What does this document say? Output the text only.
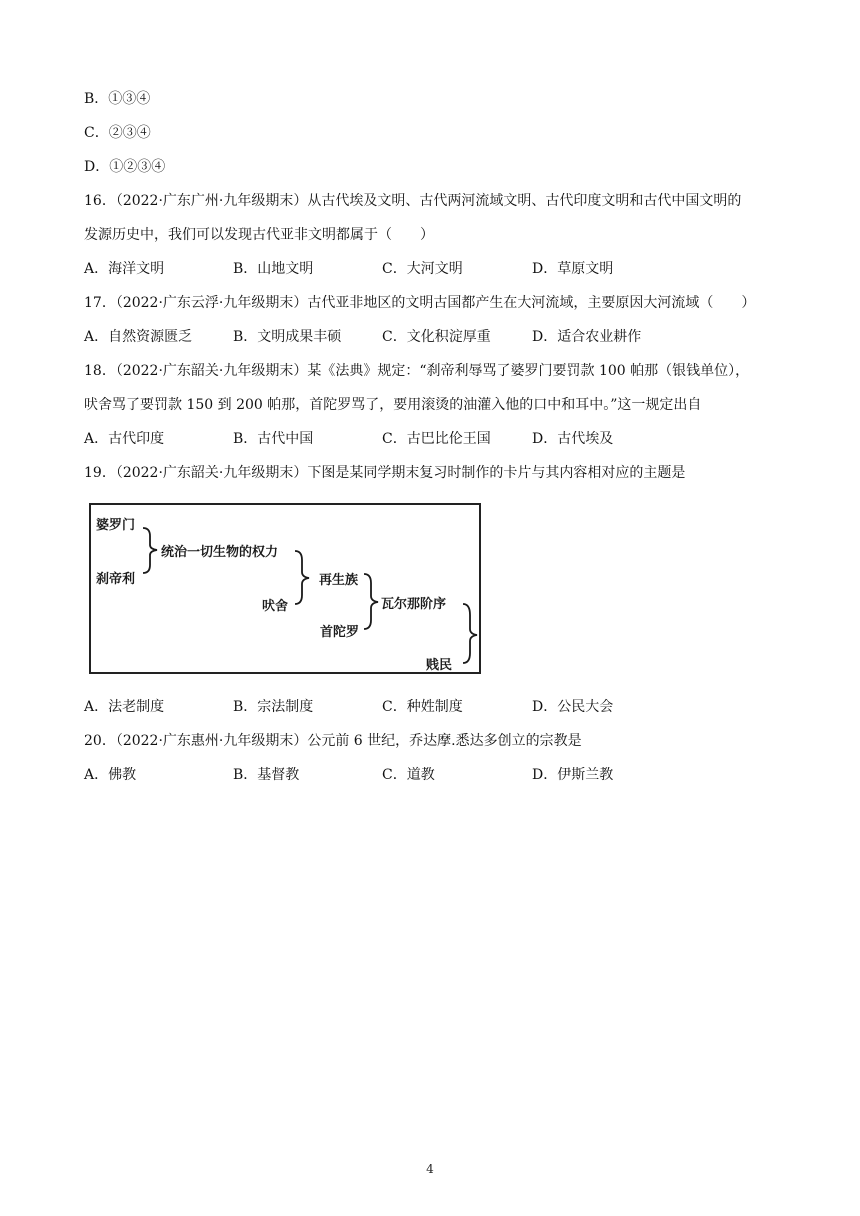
B．①③④
C．②③④
D．①②③④
16．（2022·广东广州·九年级期末）从古代埃及文明、古代两河流域文明、古代印度文明和古代中国文明的
发源历史中，我们可以发现古代亚非文明都属于（　　）
A．海洋文明	B．山地文明	C．大河文明	D．草原文明
17．（2022·广东云浮·九年级期末）古代亚非地区的文明古国都产生在大河流域，主要原因大河流域（　　）
A．自然资源匮乏	B．文明成果丰硕	C．文化积淀厚重	D．适合农业耕作
18．（2022·广东韶关·九年级期末）某《法典》规定：“刹帝利辱骂了婆罗门要罚款 100 帕那（银钱单位），
吠舍骂了要罚款 150 到 200 帕那，首陀罗骂了，要用滚烫的油灌入他的口中和耳中。”这一规定出自
A．古代印度	B．古代中国	C．古巴比伦王国	D．古代埃及
19．（2022·广东韶关·九年级期末）下图是某同学期末复习时制作的卡片与其内容相对应的主题是
婆罗门
刹帝利
统治一切生物的权力
吠舍
再生族
首陀罗
瓦尔那阶序
贱民
A．法老制度	B．宗法制度	C．种姓制度	D．公民大会
20．（2022·广东惠州·九年级期末）公元前 6 世纪，乔达摩.悉达多创立的宗教是
A．佛教	B．基督教	C．道教	D．伊斯兰教
4
